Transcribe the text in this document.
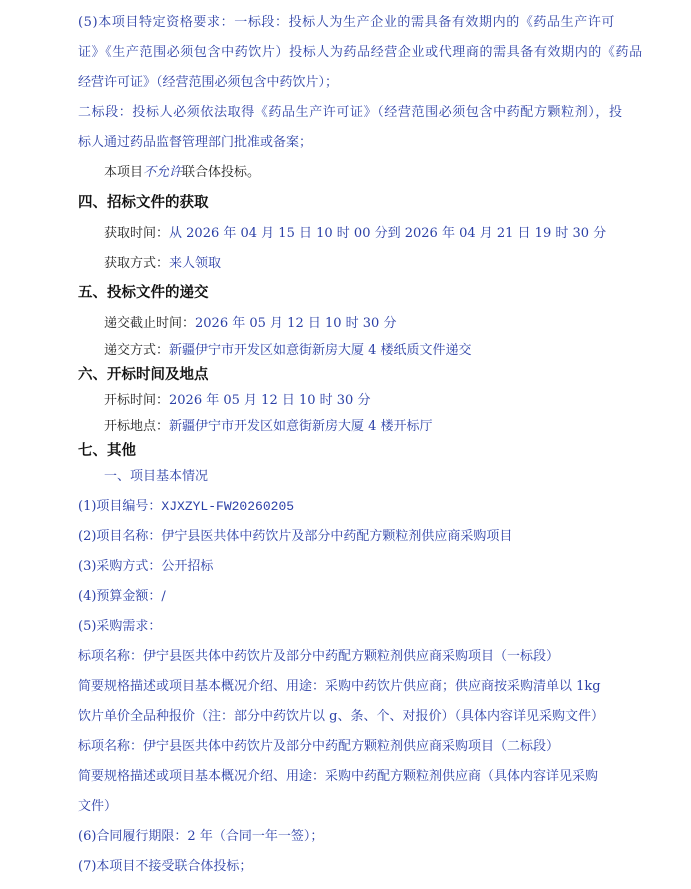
(5)本项目特定资格要求：一标段：投标人为生产企业的需具备有效期内的《药品生产许可
证》《生产范围必须包含中药饮片）投标人为药品经营企业或代理商的需具备有效期内的《药品
经营许可证》（经营范围必须包含中药饮片）；
二标段：投标人必须依法取得《药品生产许可证》（经营范围必须包含中药配方颗粒剂），投
标人通过药品监督管理部门批准或备案；
本项目不允许联合体投标。
四、招标文件的获取
获取时间：从 2026 年 04 月 15 日 10 时 00 分到 2026 年 04 月 21 日 19 时 30 分
获取方式：来人领取
五、投标文件的递交
递交截止时间：2026 年 05 月 12 日 10 时 30 分
递交方式：新疆伊宁市开发区如意街新房大厦 4 楼纸质文件递交
六、开标时间及地点
开标时间：2026 年 05 月 12 日 10 时 30 分
开标地点：新疆伊宁市开发区如意街新房大厦 4 楼开标厅
七、其他
一、项目基本情况
(1)项目编号：XJXZYL-FW20260205
(2)项目名称：伊宁县医共体中药饮片及部分中药配方颗粒剂供应商采购项目
(3)采购方式：公开招标
(4)预算金额：/
(5)采购需求：
标项名称：伊宁县医共体中药饮片及部分中药配方颗粒剂供应商采购项目（一标段）
简要规格描述或项目基本概况介绍、用途：采购中药饮片供应商；供应商按采购清单以 1kg
饮片单价全品种报价（注：部分中药饮片以 g、条、个、对报价）（具体内容详见采购文件）
标项名称：伊宁县医共体中药饮片及部分中药配方颗粒剂供应商采购项目（二标段）
简要规格描述或项目基本概况介绍、用途：采购中药配方颗粒剂供应商（具体内容详见采购
文件）
(6)合同履行期限：2 年（合同一年一签）；
(7)本项目不接受联合体投标；
